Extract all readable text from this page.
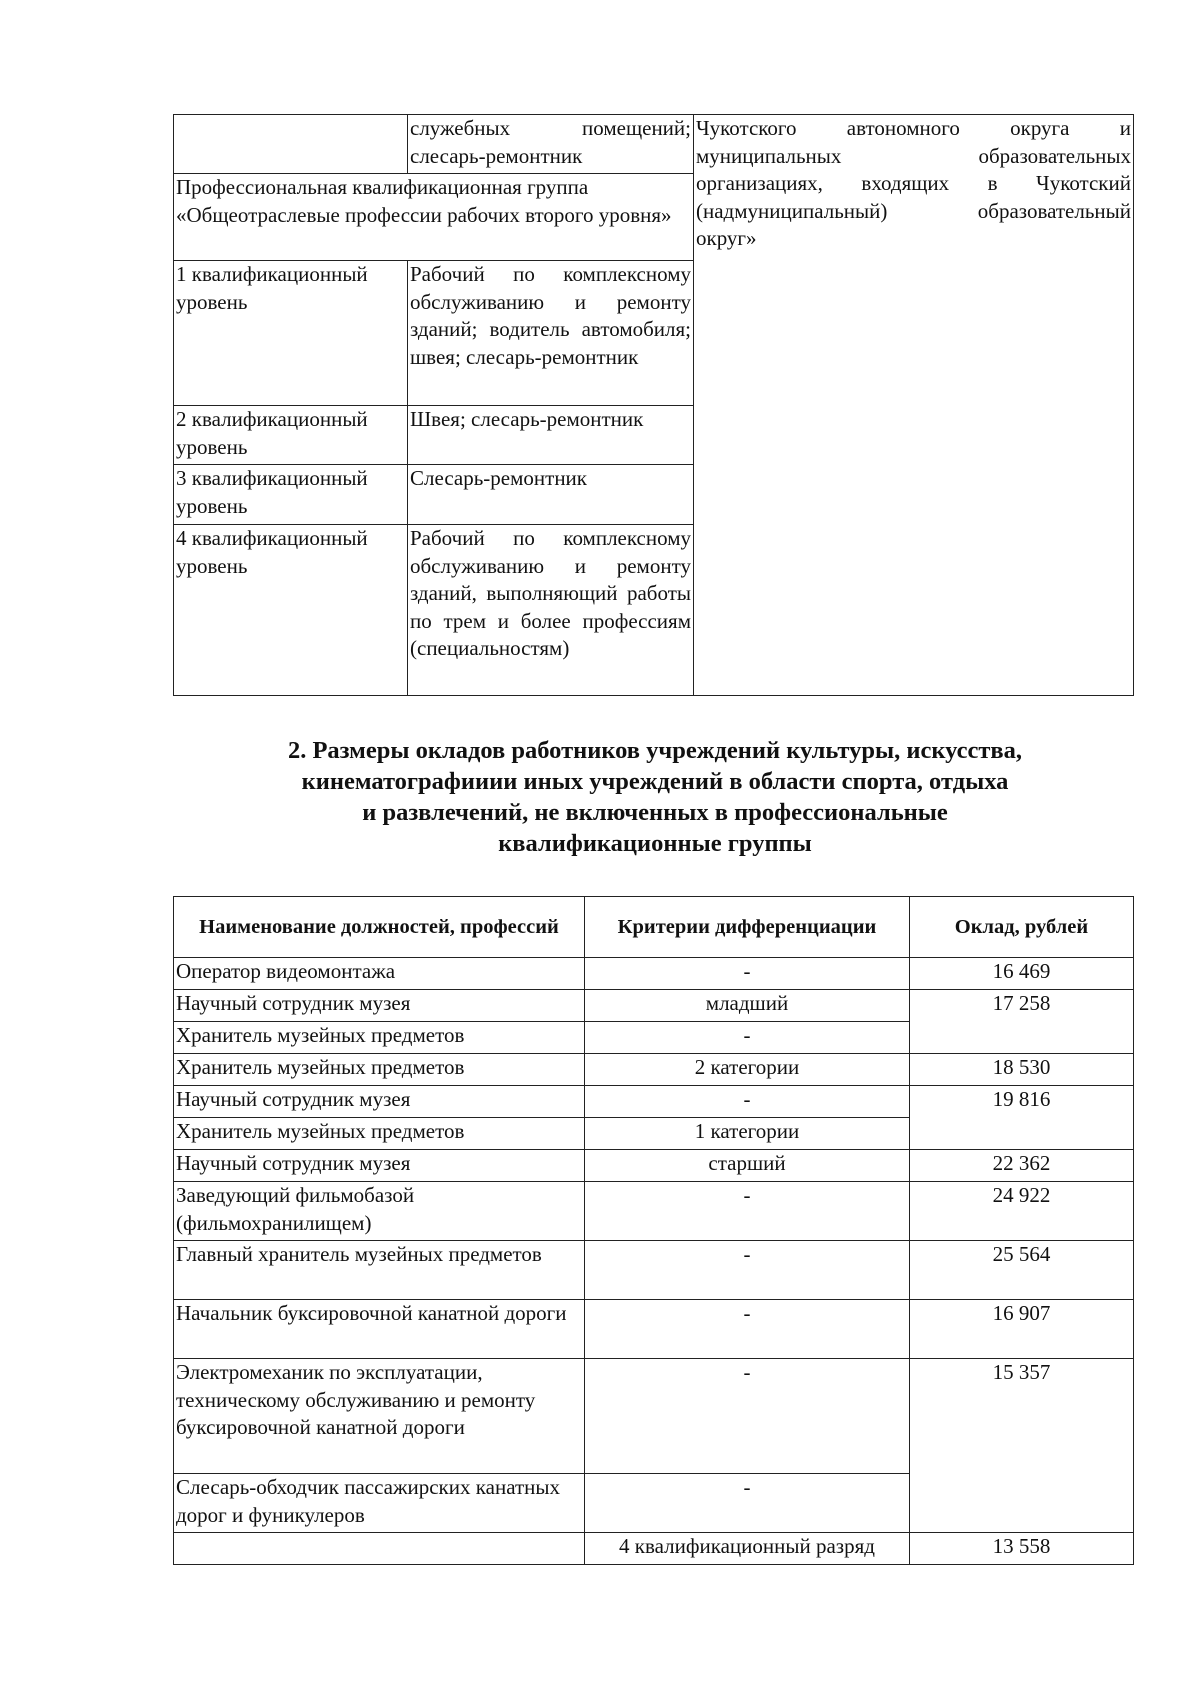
	служебных помещений;
слесарь-ремонтник	Чукотского автономного округа и
муниципальных образовательных
организациях, входящих в Чукотский
(надмуниципальный) образовательный
округ»

Профессиональная квалификационная группа «Общеотраслевые профессии рабочих второго уровня»		
1 квалификационный уровень	Рабочий по комплексному обслуживанию и ремонту зданий; водитель автомобиля; швея; слесарь-ремонтник	
2 квалификационный уровень	Швея; слесарь-ремонтник	
3 квалификационный уровень	Слесарь-ремонтник	
4 квалификационный уровень	Рабочий по комплексному обслуживанию и ремонту зданий, выполняющий работы по трем и более профессиям (специальностям)	
2. Размеры окладов работников учреждений культуры, искусства,
кинематографииии иных учреждений в области спорта, отдыха
и развлечений, не включенных в профессиональные
квалификационные группы
Наименование должностей, профессий	Критерии дифференциации	Оклад, рублей
Оператор видеомонтажа	-	16 469
Научный сотрудник музея	младший	17 258
Хранитель музейных предметов	-	
Хранитель музейных предметов	2 категории	18 530
Научный сотрудник музея	-	19 816
Хранитель музейных предметов	1 категории	
Научный сотрудник музея	старший	22 362
Заведующий фильмобазой (фильмохранилищем)	-	24 922
Главный хранитель музейных предметов	-	25 564
Начальник буксировочной канатной дороги	-	16 907
Электромеханик по эксплуатации, техническому обслуживанию и ремонту буксировочной канатной дороги	-	15 357
Слесарь-обходчик пассажирских канатных дорог и фуникулеров	-	
	4 квалификационный разряд	13 558
